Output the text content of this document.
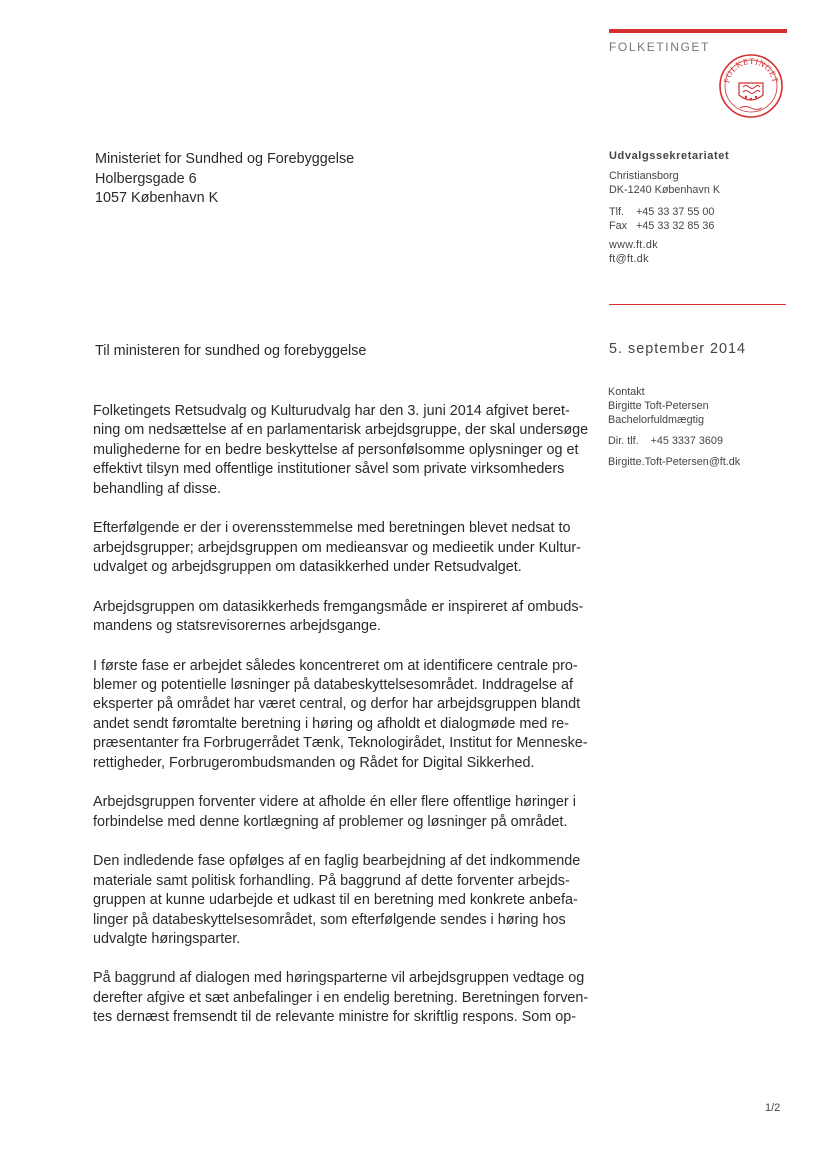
FOLKETINGET
FOLKETINGET
Ministeriet for Sundhed og Forebyggelse
Holbergsgade 6
1057 København K
Udvalgssekretariatet
Christiansborg
DK-1240 København K
Tlf. +45 33 37 55 00
Fax +45 33 32 85 36
www.ft.dk
ft@ft.dk
Til ministeren for sundhed og forebyggelse	5. september 2014
Kontakt
Birgitte Toft-Petersen
Bachelorfuldmægtig
Dir. tlf. +45 3337 3609
Birgitte.Toft-Petersen@ft.dk

Folketingets Retsudvalg og Kulturudvalg har den 3. juni 2014 afgivet beret-
ning om nedsættelse af en parlamentarisk arbejdsgruppe, der skal undersøge
mulighederne for en bedre beskyttelse af personfølsomme oplysninger og et
effektivt tilsyn med offentlige institutioner såvel som private virksomheders
behandling af disse.

Efterfølgende er der i overensstemmelse med beretningen blevet nedsat to
arbejdsgrupper; arbejdsgruppen om medieansvar og medieetik under Kultur-
udvalget og arbejdsgruppen om datasikkerhed under Retsudvalget.

Arbejdsgruppen om datasikkerheds fremgangsmåde er inspireret af ombuds-
mandens og statsrevisorernes arbejdsgange.

I første fase er arbejdet således koncentreret om at identificere centrale pro-
blemer og potentielle løsninger på databeskyttelsesområdet. Inddragelse af
eksperter på området har været central, og derfor har arbejdsgruppen blandt
andet sendt føromtalte beretning i høring og afholdt et dialogmøde med re-
præsentanter fra Forbrugerrådet Tænk, Teknologirådet, Institut for Menneske-
rettigheder, Forbrugerombudsmanden og Rådet for Digital Sikkerhed.

Arbejdsgruppen forventer videre at afholde én eller flere offentlige høringer i
forbindelse med denne kortlægning af problemer og løsninger på området.

Den indledende fase opfølges af en faglig bearbejdning af det indkommende
materiale samt politisk forhandling. På baggrund af dette forventer arbejds-
gruppen at kunne udarbejde et udkast til en beretning med konkrete anbefa-
linger på databeskyttelsesområdet, som efterfølgende sendes i høring hos
udvalgte høringsparter.

På baggrund af dialogen med høringsparterne vil arbejdsgruppen vedtage og
derefter afgive et sæt anbefalinger i en endelig beretning. Beretningen forven-
tes dernæst fremsendt til de relevante ministre for skriftlig respons. Som op-

1/2
